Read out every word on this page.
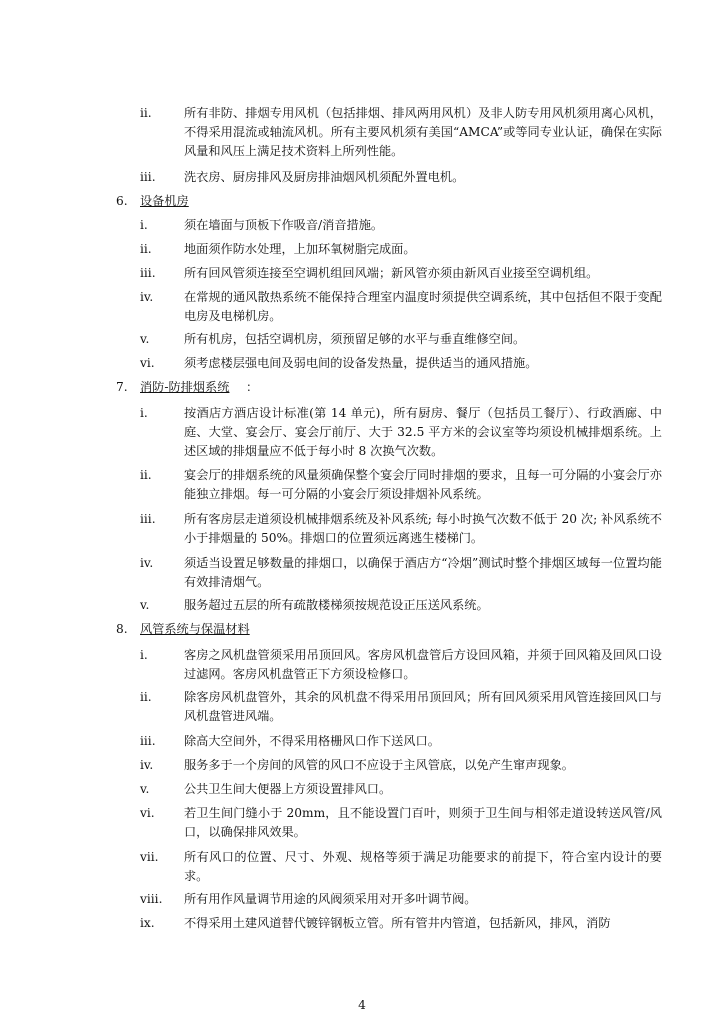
ii.	所有非防、排烟专用风机（包括排烟、排风两用风机）及非人防专用风机须用离心风机，不得采用混流或轴流风机。所有主要风机须有美国“AMCA”或等同专业认证，确保在实际风量和风压上满足技术资料上所列性能。
iii.	洗衣房、厨房排风及厨房排油烟风机须配外置电机。
6. 设备机房
i.	须在墙面与顶板下作吸音/消音措施。
ii.	地面须作防水处理，上加环氧树脂完成面。
iii.	所有回风管须连接至空调机组回风端；新风管亦须由新风百业接至空调机组。
iv.	在常规的通风散热系统不能保持合理室内温度时须提供空调系统，其中包括但不限于变配电房及电梯机房。
v.	所有机房，包括空调机房，须预留足够的水平与垂直维修空间。
vi.	须考虑楼层强电间及弱电间的设备发热量，提供适当的通风措施。
7. 消防-防排烟系统 ：
i.	按酒店方酒店设计标准(第 14 单元)，所有厨房、餐厅（包括员工餐厅）、行政酒廊、中庭、大堂、宴会厅、宴会厅前厅、大于 32.5 平方米的会议室等均须设机械排烟系统。上述区域的排烟量应不低于每小时 8 次换气次数。
ii.	宴会厅的排烟系统的风量须确保整个宴会厅同时排烟的要求，且每一可分隔的小宴会厅亦能独立排烟。每一可分隔的小宴会厅须设排烟补风系统。
iii.	所有客房层走道须设机械排烟系统及补风系统; 每小时换气次数不低于 20 次; 补风系统不小于排烟量的 50%。排烟口的位置须远离逃生楼梯门。
iv.	须适当设置足够数量的排烟口，以确保于酒店方“冷烟”测试时整个排烟区域每一位置均能有效排清烟气。
v.	服务超过五层的所有疏散楼梯须按规范设正压送风系统。
8. 风管系统与保温材料
i.	客房之风机盘管须采用吊顶回风。客房风机盘管后方设回风箱，并须于回风箱及回风口设过滤网。客房风机盘管正下方须设检修口。
ii.	除客房风机盘管外，其余的风机盘不得采用吊顶回风；所有回风须采用风管连接回风口与风机盘管进风端。
iii.	除高大空间外，不得采用格栅风口作下送风口。
iv.	服务多于一个房间的风管的风口不应设于主风管底，以免产生窜声现象。
v.	公共卫生间大便器上方须设置排风口。
vi.	若卫生间门缝小于 20mm，且不能设置门百叶，则须于卫生间与相邻走道设转送风管/风口，以确保排风效果。
vii.	所有风口的位置、尺寸、外观、规格等须于满足功能要求的前提下，符合室内设计的要求。
viii.	所有用作风量调节用途的风阀须采用对开多叶调节阀。
ix.	不得采用土建风道替代镀锌钢板立管。所有管井内管道，包括新风，排风，消防
4
